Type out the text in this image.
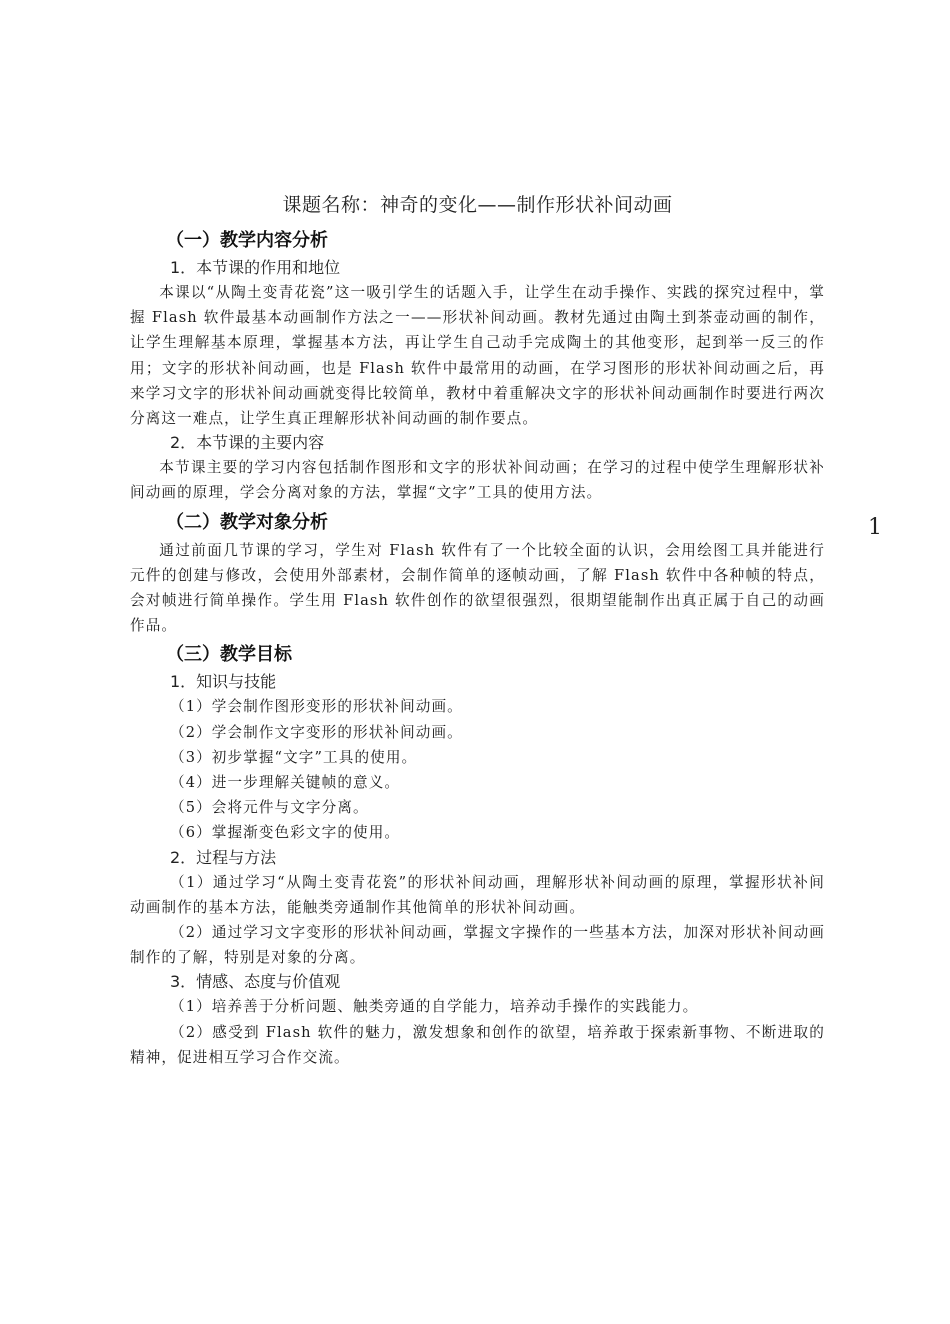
课题名称：神奇的变化——制作形状补间动画
（一）教学内容分析
1．本节课的作用和地位

本课以“从陶土变青花瓷”这一吸引学生的话题入手，让学生在动手操作、实践的探究过程中，掌握 Flash 软件最基本动画制作方法之一——形状补间动画。教材先通过由陶土到茶壶动画的制作，让学生理解基本原理，掌握基本方法，再让学生自己动手完成陶土的其他变形，起到举一反三的作用；文字的形状补间动画，也是 Flash 软件中最常用的动画，在学习图形的形状补间动画之后，再来学习文字的形状补间动画就变得比较简单，教材中着重解决文字的形状补间动画制作时要进行两次分离这一难点，让学生真正理解形状补间动画的制作要点。

2．本节课的主要内容

本节课主要的学习内容包括制作图形和文字的形状补间动画；在学习的过程中使学生理解形状补间动画的原理，学会分离对象的方法，掌握“文字”工具的使用方法。

（二）教学对象分析

通过前面几节课的学习，学生对 Flash 软件有了一个比较全面的认识，会用绘图工具并能进行元件的创建与修改，会使用外部素材，会制作简单的逐帧动画，了解 Flash 软件中各种帧的特点，会对帧进行简单操作。学生用 Flash 软件创作的欲望很强烈，很期望能制作出真正属于自己的动画作品。

（三）教学目标
1．知识与技能
（1）学会制作图形变形的形状补间动画。
（2）学会制作文字变形的形状补间动画。
（3）初步掌握“文字”工具的使用。
（4）进一步理解关键帧的意义。
（5）会将元件与文字分离。
（6）掌握渐变色彩文字的使用。
2．过程与方法

（1）通过学习“从陶土变青花瓷”的形状补间动画，理解形状补间动画的原理，掌握形状补间动画制作的基本方法，能触类旁通制作其他简单的形状补间动画。

（2）通过学习文字变形的形状补间动画，掌握文字操作的一些基本方法，加深对形状补间动画制作的了解，特别是对象的分离。

3．情感、态度与价值观

（1）培养善于分析问题、触类旁通的自学能力，培养动手操作的实践能力。

（2）感受到 Flash 软件的魅力，激发想象和创作的欲望，培养敢于探索新事物、不断进取的精神，促进相互学习合作交流。

1
